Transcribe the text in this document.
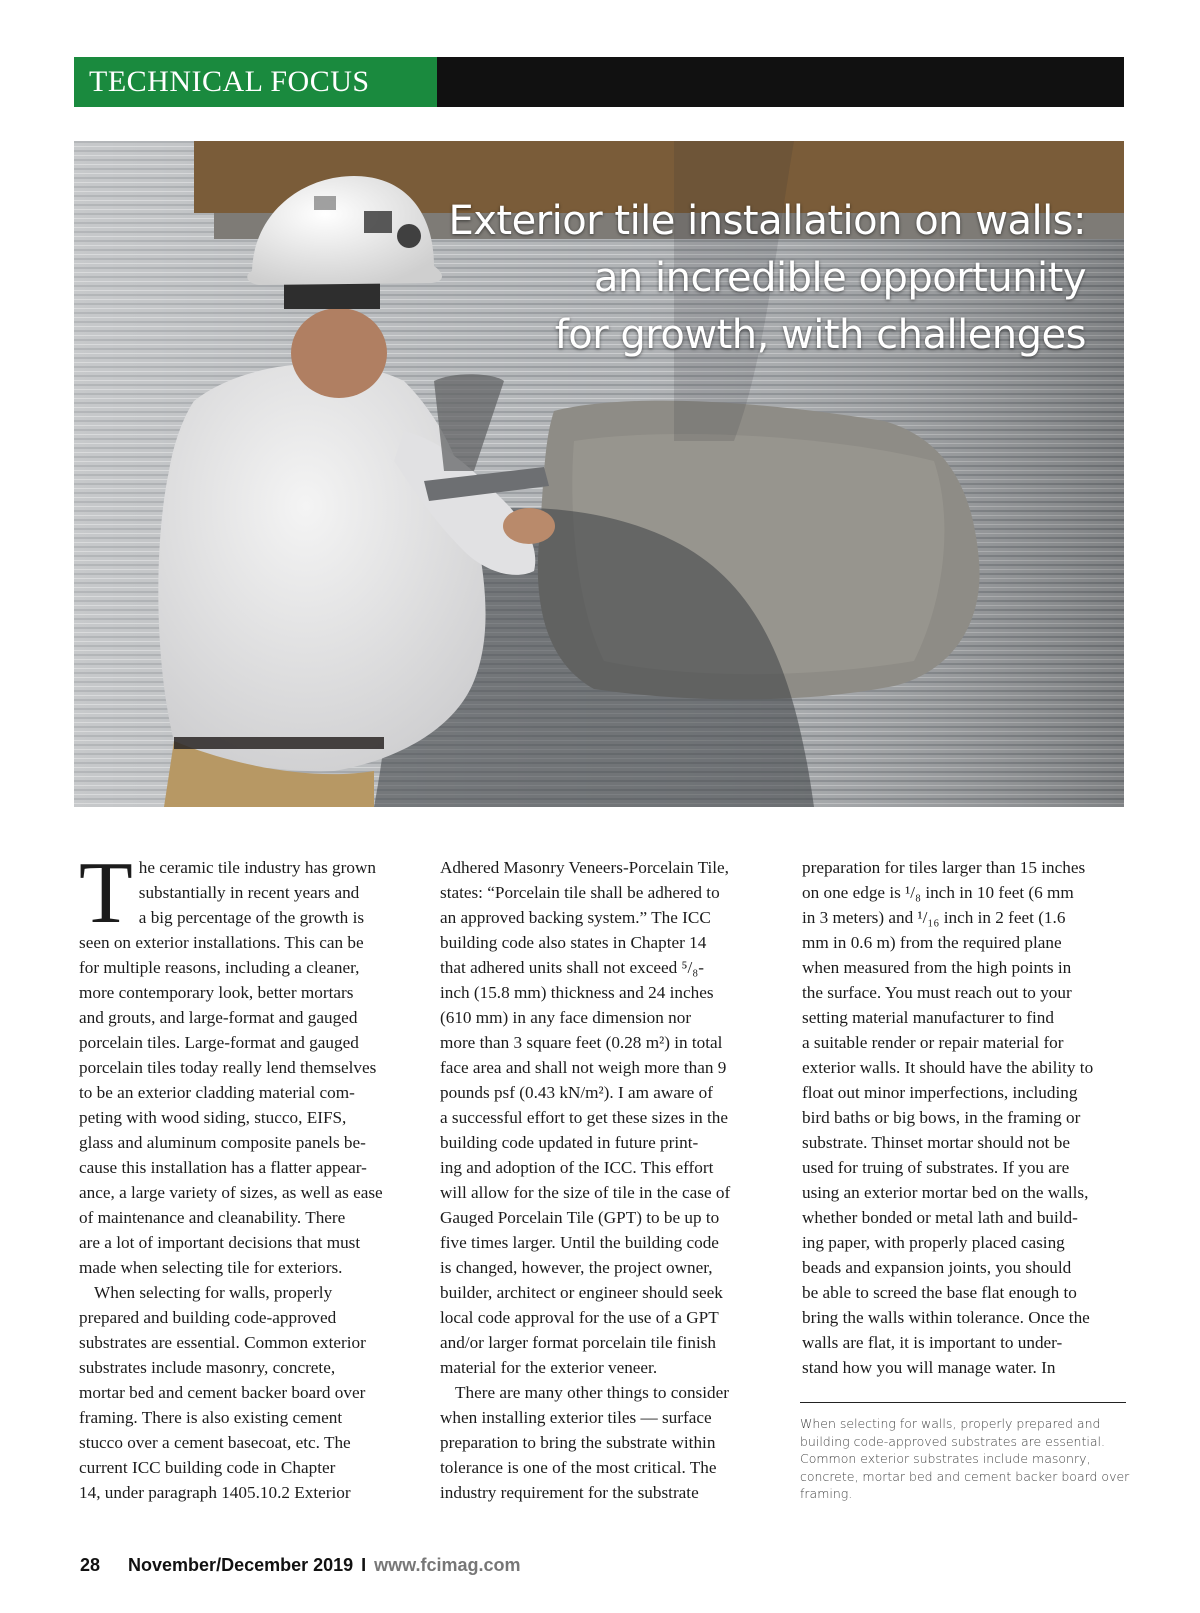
TECHNICAL FOCUS
Exterior tile installation on walls:
an incredible opportunity
for growth, with challenges
T he ceramic tile industry has grown
substantially in recent years and
a big percentage of the growth is
seen on exterior installations. This can be
for multiple reasons, including a cleaner,
more contemporary look, better mortars
and grouts, and large-format and gauged
porcelain tiles. Large-format and gauged
porcelain tiles today really lend themselves
to be an exterior cladding material com-
peting with wood siding, stucco, EIFS,
glass and aluminum composite panels be-
cause this installation has a flatter appear-
ance, a large variety of sizes, as well as ease
of maintenance and cleanability. There
are a lot of important decisions that must
made when selecting tile for exteriors.
When selecting for walls, properly
prepared and building code-approved
substrates are essential. Common exterior
substrates include masonry, concrete,
mortar bed and cement backer board over
framing. There is also existing cement
stucco over a cement basecoat, etc. The
current ICC building code in Chapter
14, under paragraph 1405.10.2 Exterior
Adhered Masonry Veneers-Porcelain Tile,
states: “Porcelain tile shall be adhered to
an approved backing system.” The ICC
building code also states in Chapter 14
that adhered units shall not exceed ⁵/₈-
inch (15.8 mm) thickness and 24 inches
(610 mm) in any face dimension nor
more than 3 square feet (0.28 m²) in total
face area and shall not weigh more than 9
pounds psf (0.43 kN/m²). I am aware of
a successful effort to get these sizes in the
building code updated in future print-
ing and adoption of the ICC. This effort
will allow for the size of tile in the case of
Gauged Porcelain Tile (GPT) to be up to
five times larger. Until the building code
is changed, however, the project owner,
builder, architect or engineer should seek
local code approval for the use of a GPT
and/or larger format porcelain tile finish
material for the exterior veneer.
There are many other things to consider
when installing exterior tiles — surface
preparation to bring the substrate within
tolerance is one of the most critical. The
industry requirement for the substrate
preparation for tiles larger than 15 inches
on one edge is ¹/₈ inch in 10 feet (6 mm
in 3 meters) and ¹/₁₆ inch in 2 feet (1.6
mm in 0.6 m) from the required plane
when measured from the high points in
the surface. You must reach out to your
setting material manufacturer to find
a suitable render or repair material for
exterior walls. It should have the ability to
float out minor imperfections, including
bird baths or big bows, in the framing or
substrate. Thinset mortar should not be
used for truing of substrates. If you are
using an exterior mortar bed on the walls,
whether bonded or metal lath and build-
ing paper, with properly placed casing
beads and expansion joints, you should
be able to screed the base flat enough to
bring the walls within tolerance. Once the
walls are flat, it is important to under-
stand how you will manage water. In
When selecting for walls, properly prepared and
building code-approved substrates are essential.
Common exterior substrates include masonry,
concrete, mortar bed and cement backer board over
framing.
28 November/December 2019 I www.fcimag.com
